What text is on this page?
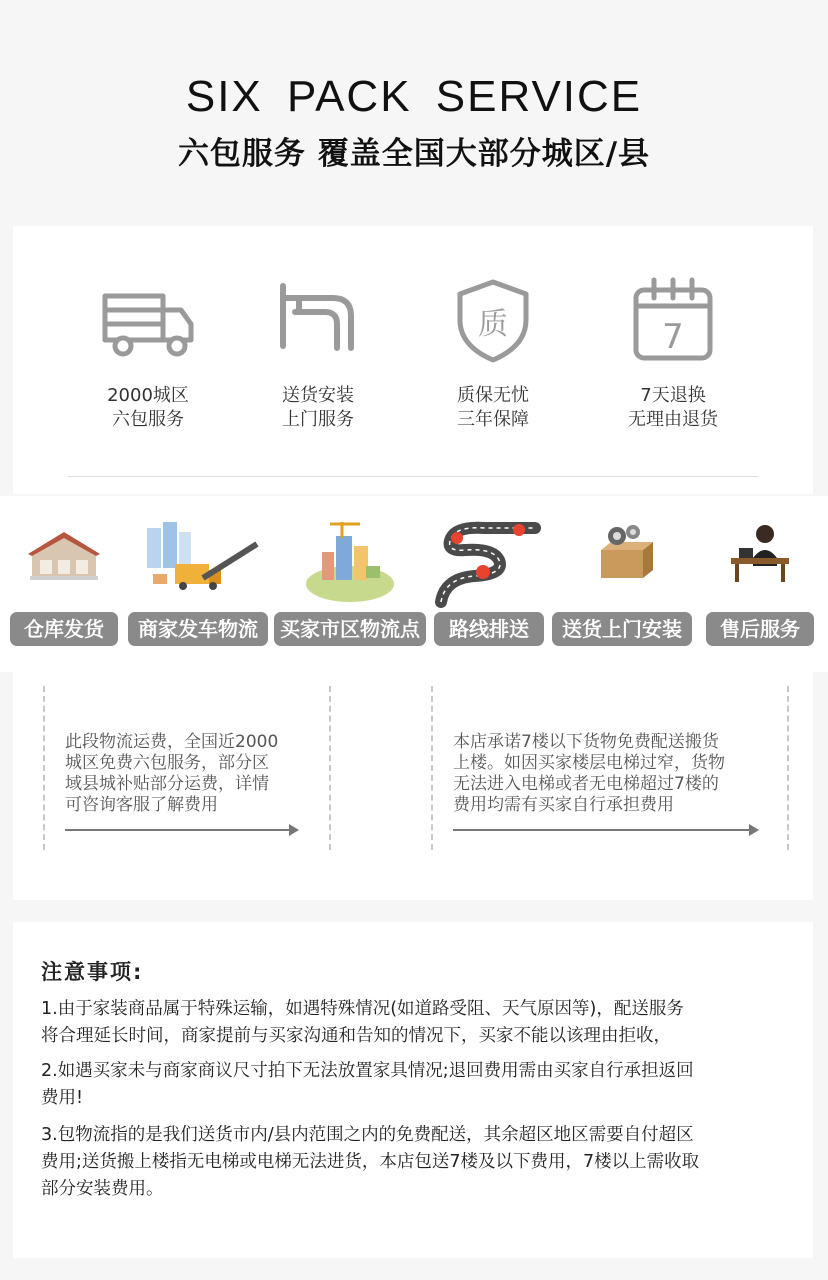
SIX PACK SERVICE
六包服务 覆盖全国大部分城区/县
2000城区
六包服务
送货安装
上门服务
质
质保无忧
三年保障
7
7天退换
无理由退货
仓库发货	商家发车物流	买家市区物流点	路线排送	送货上门安装	售后服务
此段物流运费，全国近2000
城区免费六包服务，部分区
域县城补贴部分运费，详情
可咨询客服了解费用
本店承诺7楼以下货物免费配送搬货
上楼。如因买家楼层电梯过窄，货物
无法进入电梯或者无电梯超过7楼的
费用均需有买家自行承担费用
注意事项:
1.由于家装商品属于特殊运输，如遇特殊情况(如道路受阻、天气原因等)，配送服务
将合理延长时间，商家提前与买家沟通和告知的情况下，买家不能以该理由拒收，
2.如遇买家未与商家商议尺寸拍下无法放置家具情况;退回费用需由买家自行承担返回
费用!
3.包物流指的是我们送货市内/县内范围之内的免费配送，其余超区地区需要自付超区
费用;送货搬上楼指无电梯或电梯无法进货，本店包送7楼及以下费用，7楼以上需收取
部分安装费用。
